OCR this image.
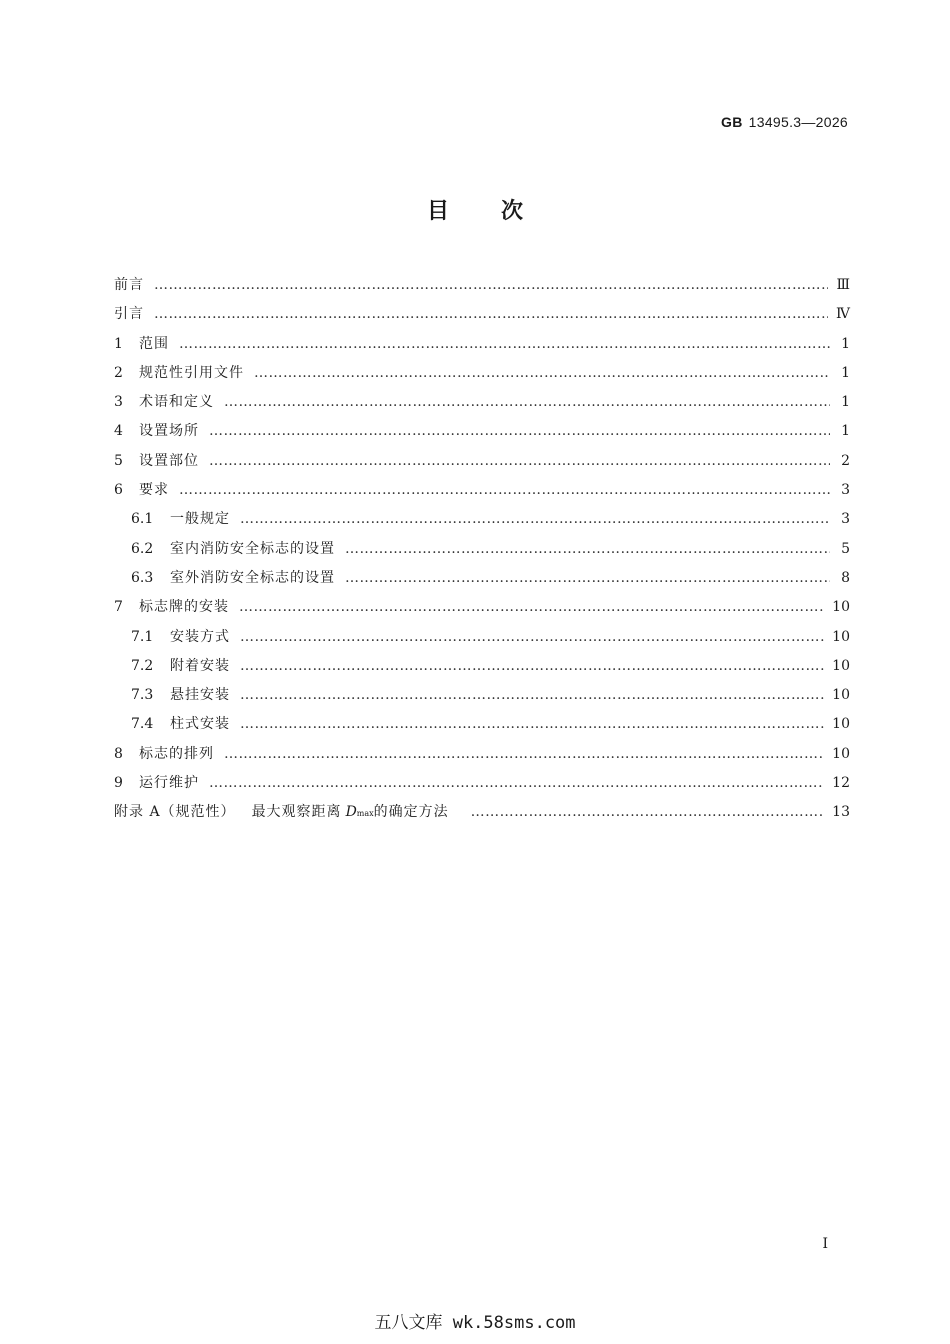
GB 13495.3—2026
目次
前言 ……………………………………………………………………………………………………………………………………………………………………………………………………………………	Ⅲ
引言 ……………………………………………………………………………………………………………………………………………………………………………………………………………………	Ⅳ
1	范围 ……………………………………………………………………………………………………………………………………………………………………………………………………………………	1
2	规范性引用文件 ……………………………………………………………………………………………………………………………………………………………………………………………………………………	1
3	术语和定义 ……………………………………………………………………………………………………………………………………………………………………………………………………………………	1
4	设置场所 ……………………………………………………………………………………………………………………………………………………………………………………………………………………	1
5	设置部位 ……………………………………………………………………………………………………………………………………………………………………………………………………………………	2
6	要求 ……………………………………………………………………………………………………………………………………………………………………………………………………………………	3
6.1	一般规定 ……………………………………………………………………………………………………………………………………………………………………………………………………………………	3
6.2	室内消防安全标志的设置 ……………………………………………………………………………………………………………………………………………………………………………………………………………………	5
6.3	室外消防安全标志的设置 ……………………………………………………………………………………………………………………………………………………………………………………………………………………	8
7	标志牌的安装 ……………………………………………………………………………………………………………………………………………………………………………………………………………………	10
7.1	安装方式 ……………………………………………………………………………………………………………………………………………………………………………………………………………………	10
7.2	附着安装 ……………………………………………………………………………………………………………………………………………………………………………………………………………………	10
7.3	悬挂安装 ……………………………………………………………………………………………………………………………………………………………………………………………………………………	10
7.4	柱式安装 ……………………………………………………………………………………………………………………………………………………………………………………………………………………	10
8	标志的排列 ……………………………………………………………………………………………………………………………………………………………………………………………………………………	10
9	运行维护 ……………………………………………………………………………………………………………………………………………………………………………………………………………………	12
附录 A（规范性） 最大观察距离 D max 的确定方法 ……………………………………………………………………………………………………………………………………………………………………………………………………………………	13
I
五八文库 wk.58sms.com
